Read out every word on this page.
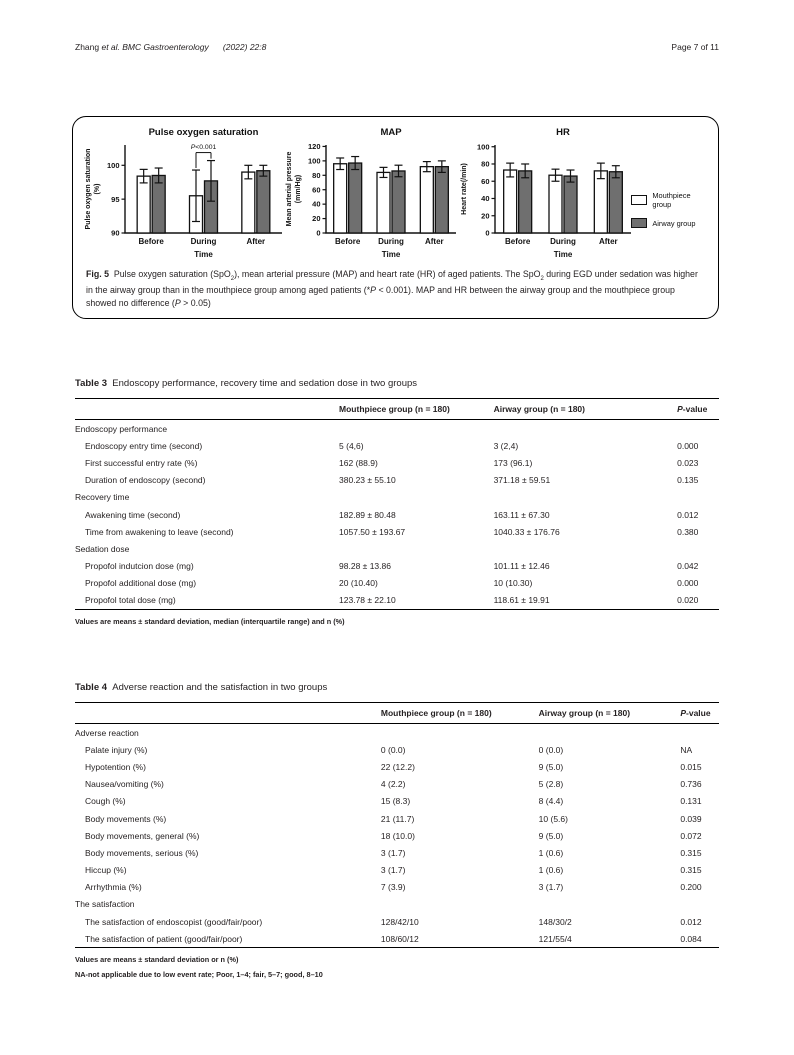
Zhang et al. BMC Gastroenterology (2022) 22:8	Page 7 of 11
Pulse oxygen saturation
90
95
100
Pulse oxygen saturation (%)
Before	During	After
Time
P<0.001
MAP
0
20
40
60
80
100
120
Mean arterial pressure (mm/Hg)
Before During	After
Time
HR
0
20
40
60
80
100
Heart rate(/min)
Before During	After
Time
Mouthpiece group
Airway group
Fig. 5  Pulse oxygen saturation (SpO$_2$), mean arterial pressure (MAP) and heart rate (HR) of aged patients. The SpO$_2$ during EGD under sedation was higher in the airway group than in the mouthpiece group among aged patients (*P < 0.001). MAP and HR between the airway group and the mouthpiece group showed no difference (P > 0.05)
Table 3  Endoscopy performance, recovery time and sedation dose in two groups
	Mouthpiece group (n = 180)	Airway group (n = 180)	P-value
Endoscopy performance			
Endoscopy entry time (second)	5 (4,6)	3 (2,4)	0.000
First successful entry rate (%)	162 (88.9)	173 (96.1)	0.023
Duration of endoscopy (second)	380.23 ± 55.10	371.18 ± 59.51	0.135
Recovery time			
Awakening time (second)	182.89 ± 80.48	163.11 ± 67.30	0.012
Time from awakening to leave (second)	1057.50 ± 193.67	1040.33 ± 176.76	0.380
Sedation dose			
Propofol indutcion dose (mg)	98.28 ± 13.86	101.11 ± 12.46	0.042
Propofol additional dose (mg)	20 (10.40)	10 (10.30)	0.000
Propofol total dose (mg)	123.78 ± 22.10	118.61 ± 19.91	0.020
Values are means ± standard deviation, median (interquartile range) and n (%)
Table 4  Adverse reaction and the satisfaction in two groups
	Mouthpiece group (n = 180)	Airway group (n = 180)	P-value
Adverse reaction			
Palate injury (%)	0 (0.0)	0 (0.0)	NA
Hypotention (%)	22 (12.2)	9 (5.0)	0.015
Nausea/vomiting (%)	4 (2.2)	5 (2.8)	0.736
Cough (%)	15 (8.3)	8 (4.4)	0.131
Body movements (%)	21 (11.7)	10 (5.6)	0.039
Body movements, general (%)	18 (10.0)	9 (5.0)	0.072
Body movements, serious (%)	3 (1.7)	1 (0.6)	0.315
Hiccup (%)	3 (1.7)	1 (0.6)	0.315
Arrhythmia (%)	7 (3.9)	3 (1.7)	0.200
The satisfaction			
The satisfaction of endoscopist (good/fair/poor)	128/42/10	148/30/2	0.012
The satisfaction of patient (good/fair/poor)	108/60/12	121/55/4	0.084
Values are means ± standard deviation or n (%)
NA-not applicable due to low event rate; Poor, 1–4; fair, 5–7; good, 8–10
